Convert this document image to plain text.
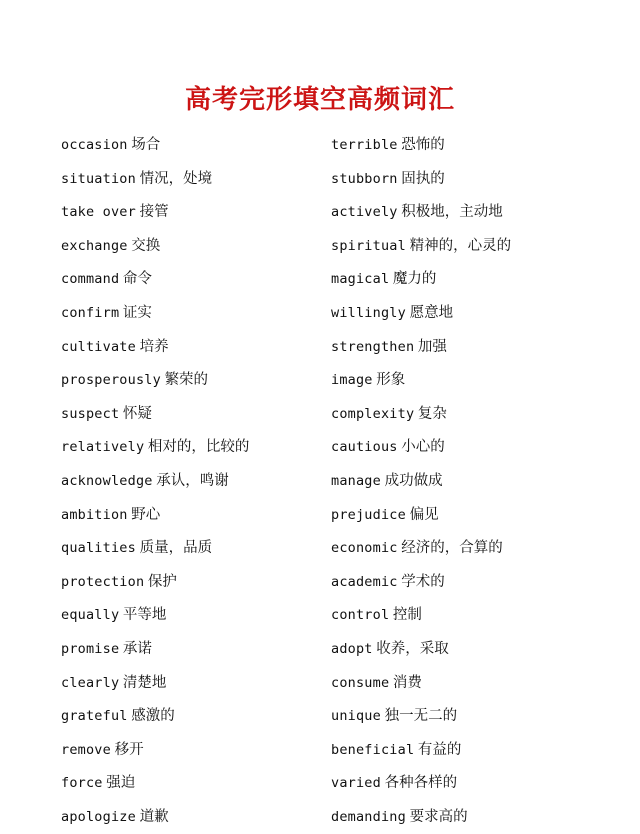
高考完形填空高频词汇
occasion 场合
situation 情况，处境
take over 接管
exchange 交换
command 命令
confirm 证实
cultivate 培养
prosperously 繁荣的
suspect 怀疑
relatively 相对的，比较的
acknowledge 承认，鸣谢
ambition 野心
qualities 质量，品质
protection 保护
equally 平等地
promise 承诺
clearly 清楚地
grateful 感激的
remove 移开
force 强迫
apologize 道歉
terrible 恐怖的
stubborn 固执的
actively 积极地，主动地
spiritual 精神的，心灵的
magical 魔力的
willingly 愿意地
strengthen 加强
image 形象
complexity 复杂
cautious 小心的
manage 成功做成
prejudice 偏见
economic 经济的，合算的
academic 学术的
control 控制
adopt 收养，采取
consume 消费
unique 独一无二的
beneficial 有益的
varied 各种各样的
demanding 要求高的
